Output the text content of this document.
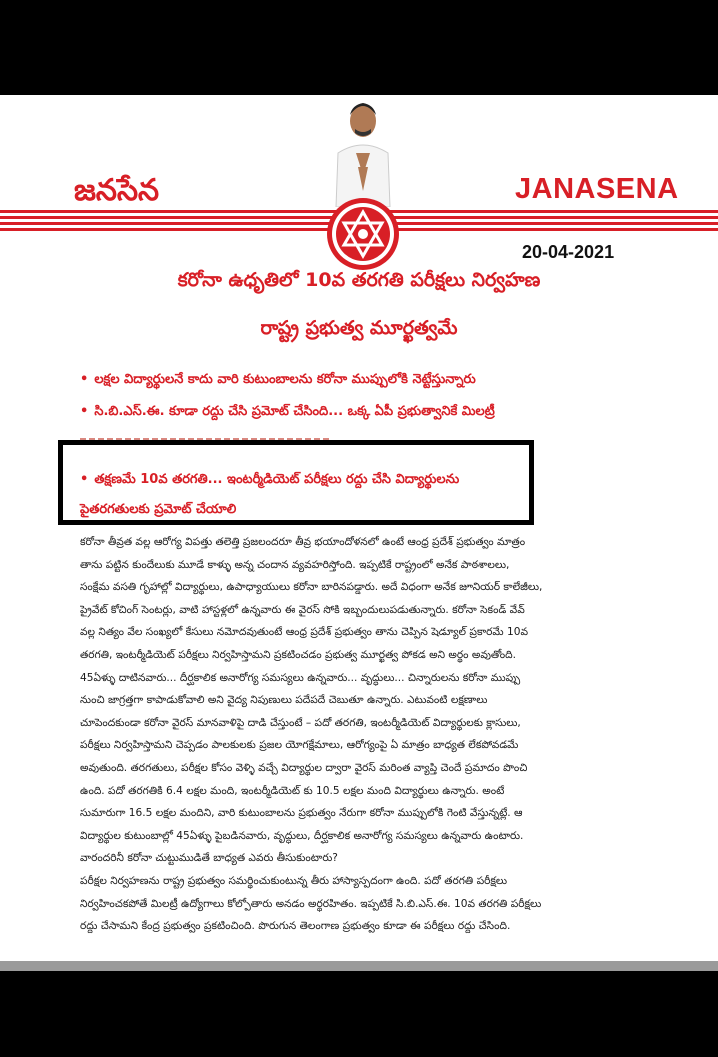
జనసేన	JANASENA
20-04-2021
కరోనా ఉధృతిలో 10వ తరగతి పరీక్షలు నిర్వహణ
రాష్ట్ర ప్రభుత్వ మూర్ఖత్వమే
• లక్షల విద్యార్థులనే కాదు వారి కుటుంబాలను కరోనా ముప్పులోకి నెట్టేస్తున్నారు
• సి.బి.ఎస్.ఈ. కూడా రద్దు చేసి ప్రమోట్ చేసింది... ఒక్క ఏపీ ప్రభుత్వానికే మిలట్రీ
• తక్షణమే 10వ తరగతి... ఇంటర్మీడియెట్ పరీక్షలు రద్దు చేసి విద్యార్థులను
పైతరగతులకు ప్రమోట్ చేయాలి

కరోనా తీవ్రత వల్ల ఆరోగ్య విపత్తు తలెత్తి ప్రజలందరూ తీవ్ర భయాందోళనలో ఉంటే ఆంధ్ర ప్రదేశ్ ప్రభుత్వం మాత్రం

తాను పట్టిన కుందేలుకు మూడే కాళ్ళు అన్న చందాన వ్యవహరిస్తోంది. ఇప్పటికే రాష్ట్రంలో అనేక పాఠశాలలు,

సంక్షేమ వసతి గృహాల్లో విద్యార్థులు, ఉపాధ్యాయులు కరోనా బారినపడ్డారు. అదే విధంగా అనేక జూనియర్ కాలేజీలు,

ప్రైవేట్ కోచింగ్ సెంటర్లు, వాటి హాస్టళ్లలో ఉన్నవారు ఈ వైరస్ సోకి ఇబ్బందులుపడుతున్నారు. కరోనా సెకండ్ వేవ్

వల్ల నిత్యం వేల సంఖ్యలో కేసులు నమోదవుతుంటే ఆంధ్ర ప్రదేశ్ ప్రభుత్వం తాను చెప్పిన షెడ్యూల్ ప్రకారమే 10వ

తరగతి, ఇంటర్మీడియెట్ పరీక్షలు నిర్వహిస్తామని ప్రకటించడం ప్రభుత్వ మూర్ఖత్వ పోకడ అని అర్థం అవుతోంది.

45ఏళ్ళు దాటినవారు... దీర్ఘకాలిక అనారోగ్య సమస్యలు ఉన్నవారు... వృద్ధులు... చిన్నారులను కరోనా ముప్పు

నుంచి జాగ్రత్తగా కాపాడుకోవాలి అని వైద్య నిపుణులు పదేపదే చెబుతూ ఉన్నారు. ఎటువంటి లక్షణాలు

చూపెందకుండా కరోనా వైరస్ మానవాళిపై దాడి చేస్తుంటే – పదో తరగతి, ఇంటర్మీడియెట్ విద్యార్థులకు క్లాసులు,

పరీక్షలు నిర్వహిస్తామని చెప్పడం పాలకులకు ప్రజల యోగక్షేమాలు, ఆరోగ్యంపై ఏ మాత్రం బాధ్యత లేకపోవడమే

అవుతుంది. తరగతులు, పరీక్షల కోసం వెళ్ళి వచ్చే విద్యార్థుల ద్వారా వైరస్ మరింత వ్యాప్తి చెందే ప్రమాదం పొంచి

ఉంది. పదో తరగతికి 6.4 లక్షల మంది, ఇంటర్మీడియెట్ కు 10.5 లక్షల మంది విద్యార్థులు ఉన్నారు. అంటే

సుమారుగా 16.5 లక్షల మందిని, వారి కుటుంబాలను ప్రభుత్వం నేరుగా కరోనా ముప్పులోకి గెంటి వేస్తున్నట్లే. ఆ

విద్యార్థుల కుటుంబాల్లో 45ఏళ్ళు పైబడినవారు, వృద్ధులు, దీర్ఘకాలిక అనారోగ్య సమస్యలు ఉన్నవారు ఉంటారు.

వారందరినీ కరోనా చుట్టుముడితే బాధ్యత ఎవరు తీసుకుంటారు?

పరీక్షల నిర్వహణను రాష్ట్ర ప్రభుత్వం సమర్థించుకుంటున్న తీరు హాస్యాస్పదంగా ఉంది. పదో తరగతి పరీక్షలు

నిర్వహించకపోతే మిలట్రీ ఉద్యోగాలు కోల్పోతారు అనడం అర్థరహితం. ఇప్పటికే సి.బి.ఎస్.ఈ. 10వ తరగతి పరీక్షలు

రద్దు చేసామని కేంద్ర ప్రభుత్వం ప్రకటించింది. పొరుగున తెలంగాణ ప్రభుత్వం కూడా ఈ పరీక్షలు రద్దు చేసింది.
